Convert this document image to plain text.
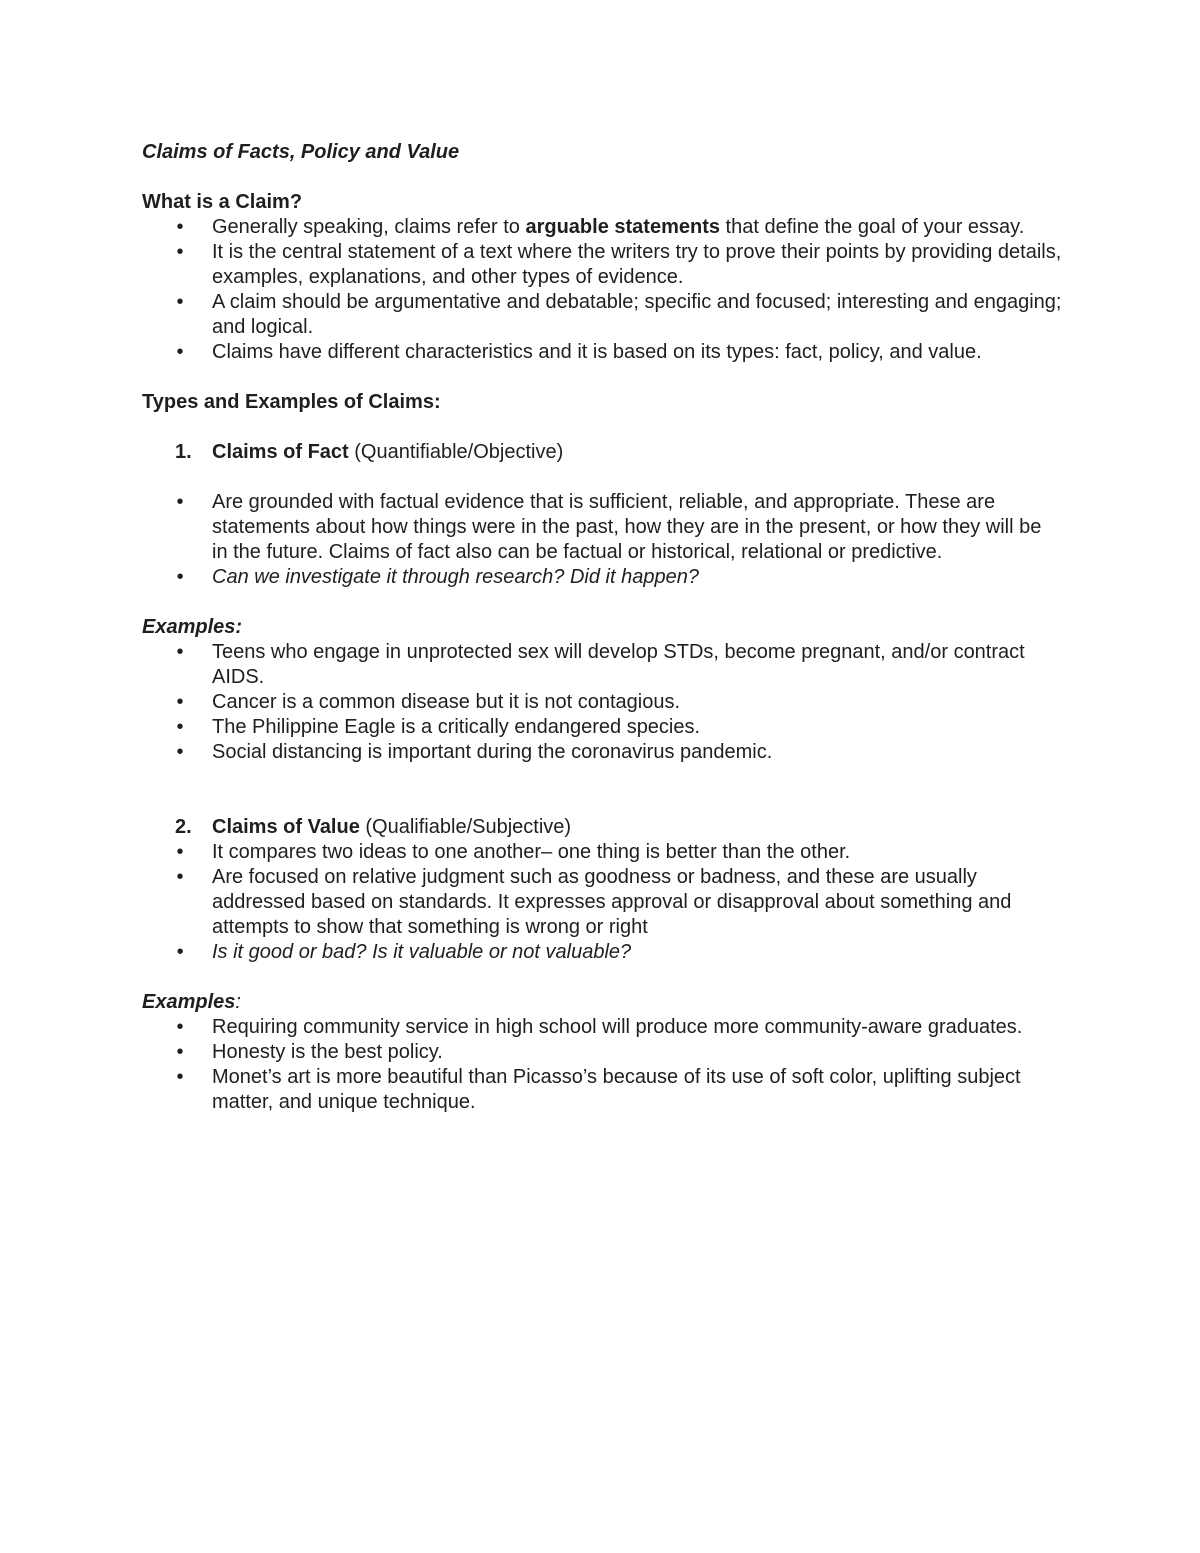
Claims of Facts, Policy and Value
What is a Claim?
• Generally speaking, claims refer to arguable statements that define the goal of your essay.
• It is the central statement of a text where the writers try to prove their points by providing details, examples, explanations, and other types of evidence.
• A claim should be argumentative and debatable; specific and focused; interesting and engaging; and logical.
• Claims have different characteristics and it is based on its types: fact, policy, and value.
Types and Examples of Claims:
1. Claims of Fact (Quantifiable/Objective)
• Are grounded with factual evidence that is sufficient, reliable, and appropriate. These are statements about how things were in the past, how they are in the present, or how they will be in the future. Claims of fact also can be factual or historical, relational or predictive.
• Can we investigate it through research? Did it happen?
Examples:
• Teens who engage in unprotected sex will develop STDs, become pregnant, and/or contract AIDS.
• Cancer is a common disease but it is not contagious.
• The Philippine Eagle is a critically endangered species.
• Social distancing is important during the coronavirus pandemic.
2. Claims of Value (Qualifiable/Subjective)
• It compares two ideas to one another– one thing is better than the other.
• Are focused on relative judgment such as goodness or badness, and these are usually addressed based on standards. It expresses approval or disapproval about something and attempts to show that something is wrong or right
• Is it good or bad? Is it valuable or not valuable?
Examples:
• Requiring community service in high school will produce more community-aware graduates.
• Honesty is the best policy.
• Monet’s art is more beautiful than Picasso’s because of its use of soft color, uplifting subject matter, and unique technique.
